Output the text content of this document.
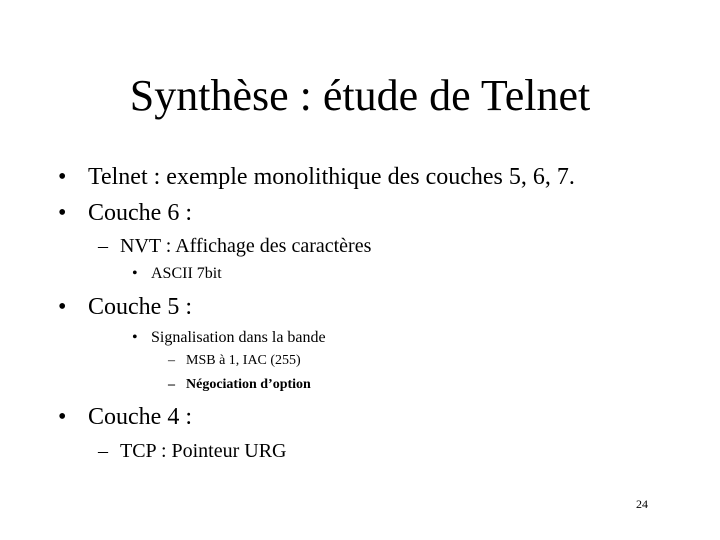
Synthèse : étude de Telnet
• Telnet : exemple monolithique des couches 5, 6, 7.
• Couche 6 :
– NVT : Affichage des caractères
• ASCII 7bit
• Couche 5 :
• Signalisation dans la bande
– MSB à 1, IAC (255)
– Négociation d’option
• Couche 4 :
– TCP : Pointeur URG
24
